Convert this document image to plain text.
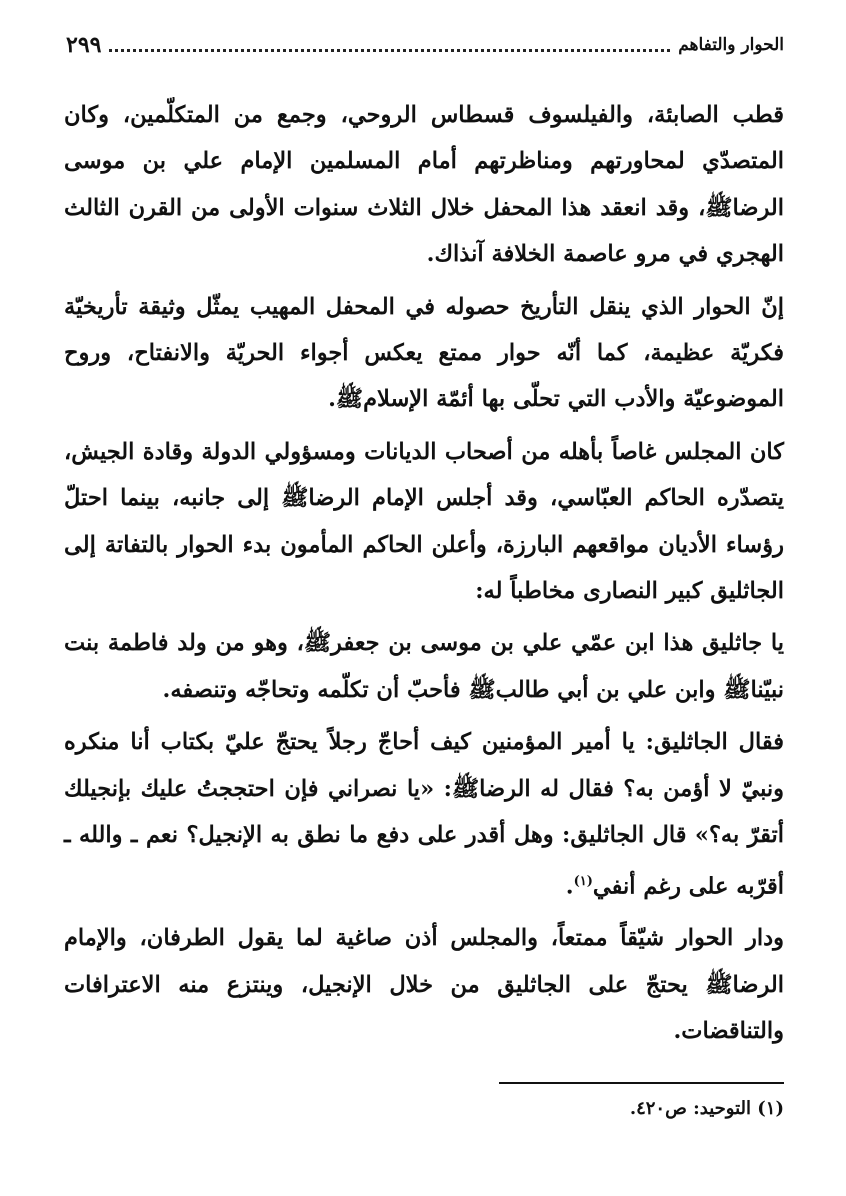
الحوار والتفاهم
٢٩٩

قطب الصابئة، والفيلسوف قسطاس الروحي، وجمع من المتكلّمين، وكان المتصدّي لمحاورتهم ومناظرتهم أمام المسلمين الإمام علي بن موسى الرضاﷺ، وقد انعقد هذا المحفل خلال الثلاث سنوات الأولى من القرن الثالث الهجري في مرو عاصمة الخلافة آنذاك.

إنّ الحوار الذي ينقل التأريخ حصوله في المحفل المهيب يمثّل وثيقة تأريخيّة فكريّة عظيمة، كما أنّه حوار ممتع يعكس أجواء الحريّة والانفتاح، وروح الموضوعيّة والأدب التي تحلّى بها أئمّة الإسلامﷺ.

كان المجلس غاصاً بأهله من أصحاب الديانات ومسؤولي الدولة وقادة الجيش، يتصدّره الحاكم العبّاسي، وقد أجلس الإمام الرضاﷺ إلى جانبه، بينما احتلّ رؤساء الأديان مواقعهم البارزة، وأعلن الحاكم المأمون بدء الحوار بالتفاتة إلى الجاثليق كبير النصارى مخاطباً له:

يا جاثليق هذا ابن عمّي علي بن موسى بن جعفرﷺ، وهو من ولد فاطمة بنت نبيّناﷺ وابن علي بن أبي طالبﷺ فأحبّ أن تكلّمه وتحاجّه وتنصفه.

فقال الجاثليق: يا أمير المؤمنين كيف أحاجّ رجلاً يحتجّ عليّ بكتاب أنا منكره ونبيّ لا أؤمن به؟ فقال له الرضاﷺ: «يا نصراني فإن احتججتُ عليك بإنجيلك أتقرّ به؟» قال الجاثليق: وهل أقدر على دفع ما نطق به الإنجيل؟ نعم ـ والله ـ أقرّبه على رغم أنفي$^{(١)}$.

ودار الحوار شيّقاً ممتعاً، والمجلس أذن صاغية لما يقول الطرفان، والإمام الرضاﷺ يحتجّ على الجاثليق من خلال الإنجيل، وينتزع منه الاعترافات والتناقضات.

(١) التوحيد: ص٤٢٠.
